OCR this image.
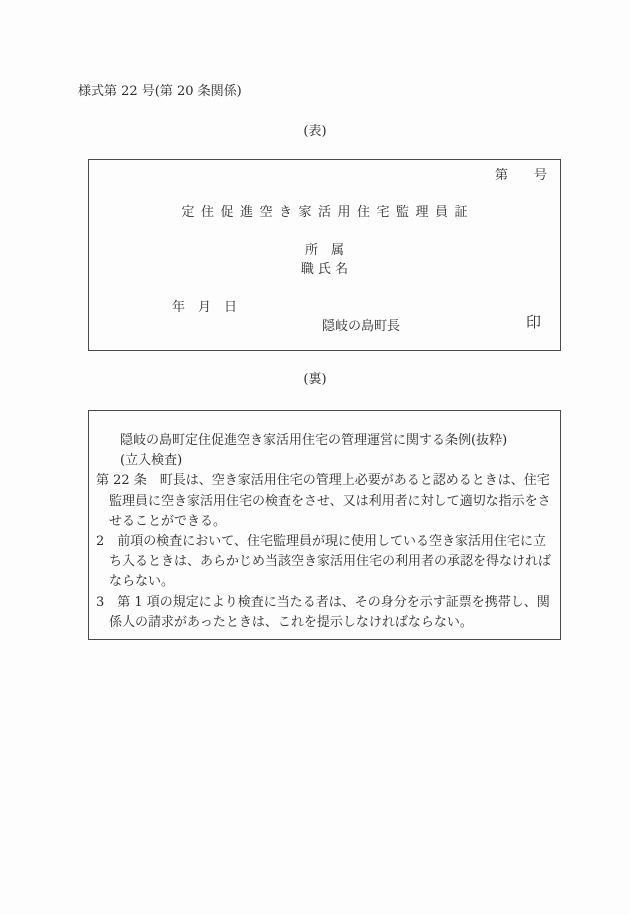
様式第 22 号(第 20 条関係)
(表)
第　　号
定住促進空き家活用住宅監理員証
所　属
職 氏 名
年　月　日
隠岐の島町長	印
(裏)
隠岐の島町定住促進空き家活用住宅の管理運営に関する条例(抜粋)
(立入検査)
第 22 条　町長は、空き家活用住宅の管理上必要があると認めるときは、住宅
監理員に空き家活用住宅の検査をさせ、又は利用者に対して適切な指示をさ
せることができる。
2　前項の検査において、住宅監理員が現に使用している空き家活用住宅に立
ち入るときは、あらかじめ当該空き家活用住宅の利用者の承認を得なければ
ならない。
3　第 1 項の規定により検査に当たる者は、その身分を示す証票を携帯し、関
係人の請求があったときは、これを提示しなければならない。
